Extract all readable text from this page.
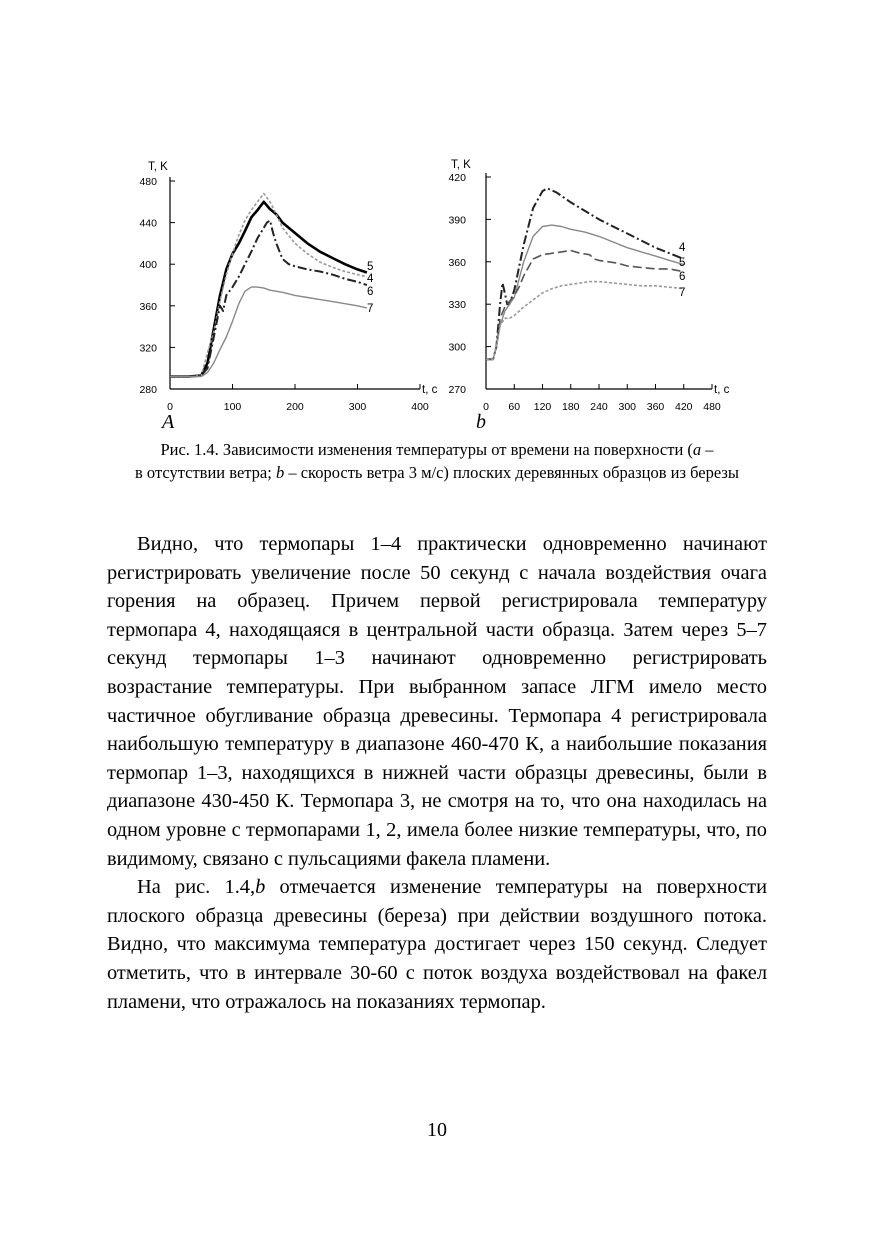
280
320
360
400
440
480
0	100	200	300	400
T, K
t, c
A
5
4
6
7
270
300
330
360
390
420
0 60 120 180 240 300 360 420 480
T, K
t, c
b
4
5
6
7
Рис. 1.4. Зависимости изменения температуры от времени на поверхности (a –
в отсутствии ветра; b – скорость ветра 3 м/с) плоских деревянных образцов из березы

Видно, что термопары 1–4 практически одновременно начинают регистрировать увеличение после 50 секунд с начала воздействия очага горения на образец. Причем первой регистрировала температуру термопара 4, находящаяся в центральной части образца. Затем через 5–7 секунд термопары 1–3 начинают одновременно регистрировать возрастание температуры. При выбранном запасе ЛГМ имело место частичное обугливание образца древесины. Термопара 4 регистрировала наибольшую температуру в диапазоне 460-470 К, а наибольшие показания термопар 1–3, находящихся в нижней части образцы древесины, были в диапазоне 430-450 К. Термопара 3, не смотря на то, что она находилась на одном уровне с термопарами 1, 2, имела более низкие температуры, что, по видимому, связано с пульсациями факела пламени.

На рис. 1.4,b отмечается изменение температуры на поверхности плоского образца древесины (береза) при действии воздушного потока. Видно, что максимума температура достигает через 150 секунд. Следует отметить, что в интервале 30-60 с поток воздуха воздействовал на факел пламени, что отражалось на показаниях термопар.

10
